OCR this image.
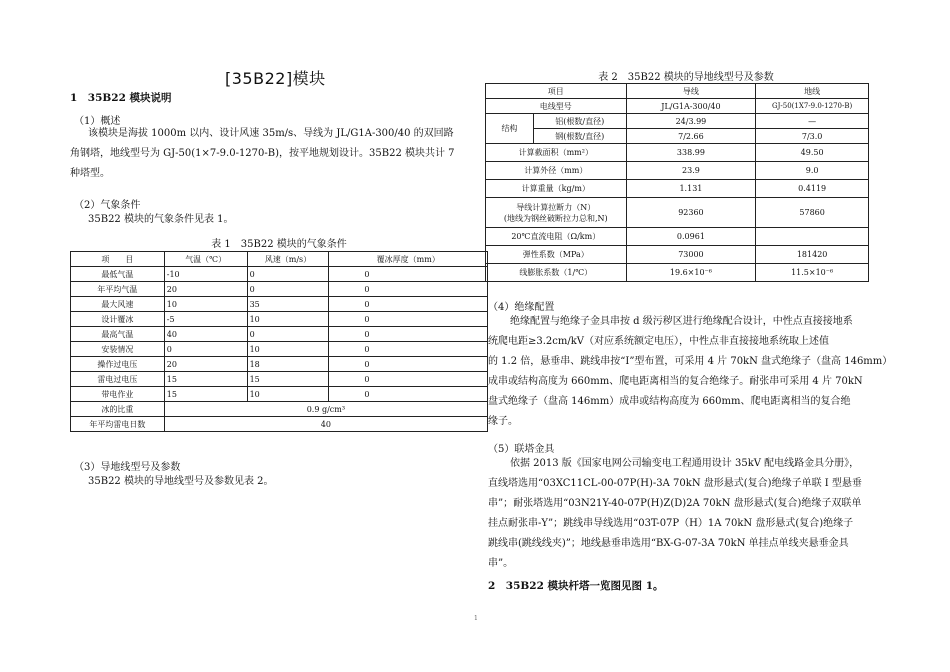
[35B22]模块
1　35B22 模块说明
（1）概述
该模块是海拔 1000m 以内、设计风速 35m/s、导线为 JL/G1A-300/40 的双回路
角钢塔，地线型号为 GJ-50(1×7-9.0-1270-B)，按平地规划设计。35B22 模块共计 7
种塔型。
（2）气象条件
35B22 模块的气象条件见表 1。
表 1　35B22 模块的气象条件
项　　目	气温（℃）	风速（m/s）	覆冰厚度（mm）
最低气温	-10	0	0
年平均气温	20	0	0
最大风速	10	35	0
设计覆冰	-5	10	0
最高气温	40	0	0
安装情况	0	10	0
操作过电压	20	18	0
雷电过电压	15	15	0
带电作业	15	10	0
冰的比重	0.9 g/cm³		
年平均雷电日数	40		
（3）导地线型号及参数
35B22 模块的导地线型号及参数见表 2。
表 2　35B22 模块的导地线型号及参数
项目		导线	地线
电线型号		JL/G1A-300/40	GJ-50(1X7-9.0-1270-B)
结构	铝(根数/直径)	24/3.99	—
	钢(根数/直径)	7/2.66	7/3.0
计算截面积（mm²）		338.99	49.50
计算外径（mm）		23.9	9.0
计算重量（kg/m）		1.131	0.4119

导线计算拉断力（N）
(地线为钢丝破断拉力总和,N)		92360	57860
20℃直流电阻（Ω/km）		0.0961	
弹性系数（MPa）		73000	181420
线膨胀系数（1/℃）		19.6×10⁻⁶	11.5×10⁻⁶
（4）绝缘配置
绝缘配置与绝缘子金具串按 d 级污秽区进行绝缘配合设计，中性点直接接地系
统爬电距≥3.2cm/kV（对应系统额定电压），中性点非直接接地系统取上述值
的 1.2 倍，悬垂串、跳线串按“I”型布置，可采用 4 片 70kN 盘式绝缘子（盘高 146mm）
成串或结构高度为 660mm、爬电距离相当的复合绝缘子。耐张串可采用 4 片 70kN
盘式绝缘子（盘高 146mm）成串或结构高度为 660mm、爬电距离相当的复合绝
缘子。
（5）联塔金具
依据 2013 版《国家电网公司输变电工程通用设计 35kV 配电线路金具分册》，
直线塔选用“03XC11CL-00-07P(H)-3A 70kN 盘形悬式(复合)绝缘子单联 I 型悬垂
串”；耐张塔选用“03N21Y-40-07P(H)Z(D)2A 70kN 盘形悬式(复合)绝缘子双联单
挂点耐张串-Y”；跳线串导线选用“03T-07P（H）1A 70kN 盘形悬式(复合)绝缘子
跳线串(跳线线夹)”；地线悬垂串选用“BX-G-07-3A 70kN 单挂点单线夹悬垂金具
串”。
2　35B22 模块杆塔一览图见图 1。
1
